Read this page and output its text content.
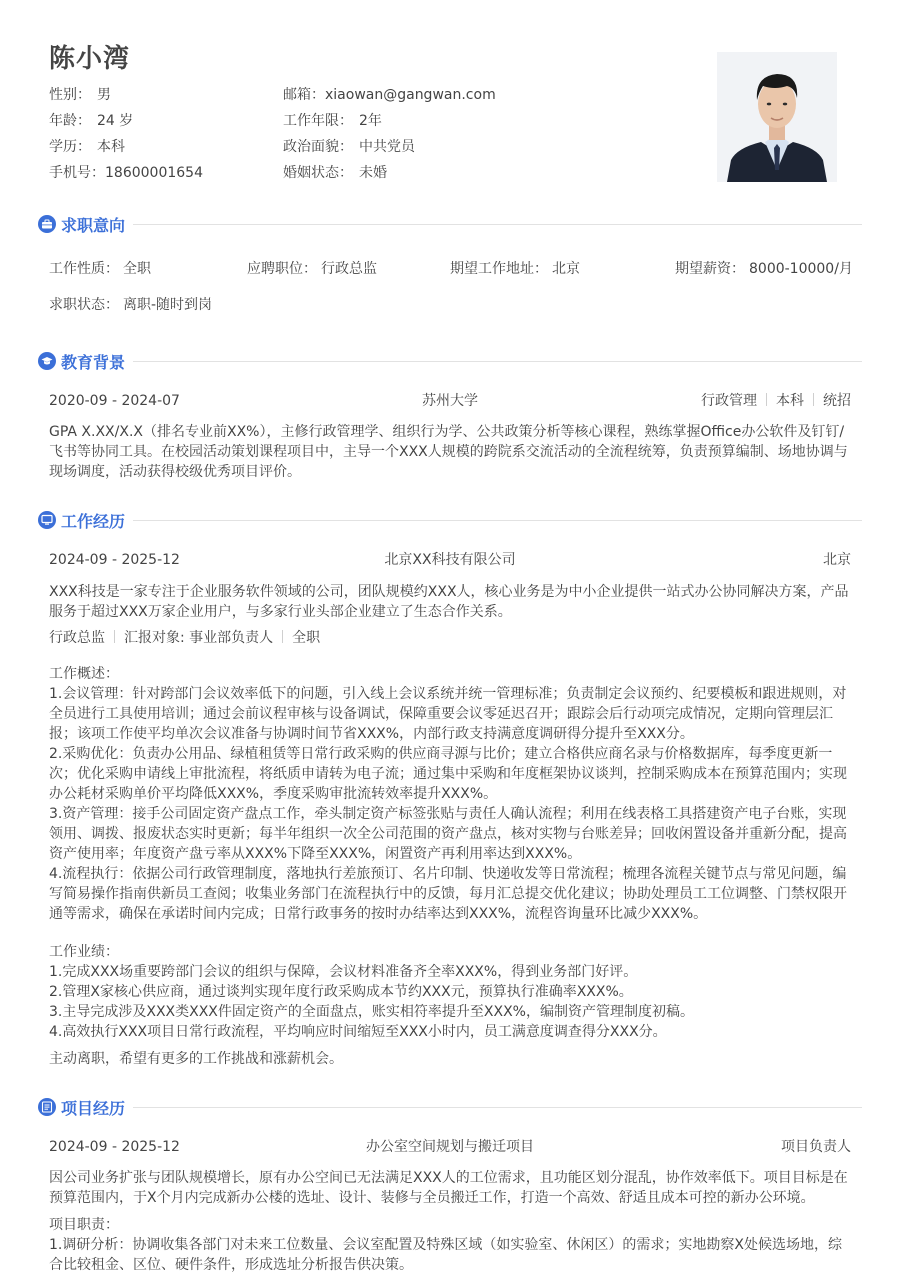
陈小湾
性别： 男
年龄： 24 岁
学历： 本科
手机号：18600001654
邮箱：xiaowan@gangwan.com
工作年限： 2年
政治面貌： 中共党员
婚姻状态： 未婚
求职意向
工作性质： 全职	应聘职位： 行政总监	期望工作地址： 北京	期望薪资： 8000-10000/月
求职状态： 离职-随时到岗
教育背景
2020-09 - 2024-07	苏州大学	行政管理 本科 统招
GPA X.XX/X.X（排名专业前XX%），主修行政管理学、组织行为学、公共政策分析等核心课程，熟练掌握Office办公软件及钉钉/飞书等协同工具。在校园活动策划课程项目中，主导一个XXX人规模的跨院系交流活动的全流程统筹，负责预算编制、场地协调与现场调度，活动获得校级优秀项目评价。
工作经历
2024-09 - 2025-12	北京XX科技有限公司	北京
XXX科技是一家专注于企业服务软件领域的公司，团队规模约XXX人，核心业务是为中小企业提供一站式办公协同解决方案，产品服务于超过XXX万家企业用户，与多家行业头部企业建立了生态合作关系。
行政总监 汇报对象: 事业部负责人 全职
工作概述：
1.会议管理：针对跨部门会议效率低下的问题，引入线上会议系统并统一管理标准；负责制定会议预约、纪要模板和跟进规则，对全员进行工具使用培训；通过会前议程审核与设备调试，保障重要会议零延迟召开；跟踪会后行动项完成情况，定期向管理层汇报；该项工作使平均单次会议准备与协调时间节省XXX%，内部行政支持满意度调研得分提升至XXX分。
2.采购优化：负责办公用品、绿植租赁等日常行政采购的供应商寻源与比价；建立合格供应商名录与价格数据库，每季度更新一次；优化采购申请线上审批流程，将纸质申请转为电子流；通过集中采购和年度框架协议谈判，控制采购成本在预算范围内；实现办公耗材采购单价平均降低XXX%，季度采购审批流转效率提升XXX%。
3.资产管理：接手公司固定资产盘点工作，牵头制定资产标签张贴与责任人确认流程；利用在线表格工具搭建资产电子台账，实现领用、调拨、报废状态实时更新；每半年组织一次全公司范围的资产盘点，核对实物与台账差异；回收闲置设备并重新分配，提高资产使用率；年度资产盘亏率从XXX%下降至XXX%，闲置资产再利用率达到XXX%。
4.流程执行：依据公司行政管理制度，落地执行差旅预订、名片印制、快递收发等日常流程；梳理各流程关键节点与常见问题，编写简易操作指南供新员工查阅；收集业务部门在流程执行中的反馈，每月汇总提交优化建议；协助处理员工工位调整、门禁权限开通等需求，确保在承诺时间内完成；日常行政事务的按时办结率达到XXX%，流程咨询量环比减少XXX%。
工作业绩：
1.完成XXX场重要跨部门会议的组织与保障，会议材料准备齐全率XXX%，得到业务部门好评。
2.管理X家核心供应商，通过谈判实现年度行政采购成本节约XXX元，预算执行准确率XXX%。
3.主导完成涉及XXX类XXX件固定资产的全面盘点，账实相符率提升至XXX%，编制资产管理制度初稿。
4.高效执行XXX项目日常行政流程，平均响应时间缩短至XXX小时内，员工满意度调查得分XXX分。
主动离职，希望有更多的工作挑战和涨薪机会。
项目经历
2024-09 - 2025-12	办公室空间规划与搬迁项目	项目负责人
因公司业务扩张与团队规模增长，原有办公空间已无法满足XXX人的工位需求，且功能区划分混乱，协作效率低下。项目目标是在预算范围内，于X个月内完成新办公楼的选址、设计、装修与全员搬迁工作，打造一个高效、舒适且成本可控的新办公环境。
项目职责：
1.调研分析：协调收集各部门对未来工位数量、会议室配置及特殊区域（如实验室、休闲区）的需求；实地勘察X处候选场地，综合比较租金、区位、硬件条件，形成选址分析报告供决策。
